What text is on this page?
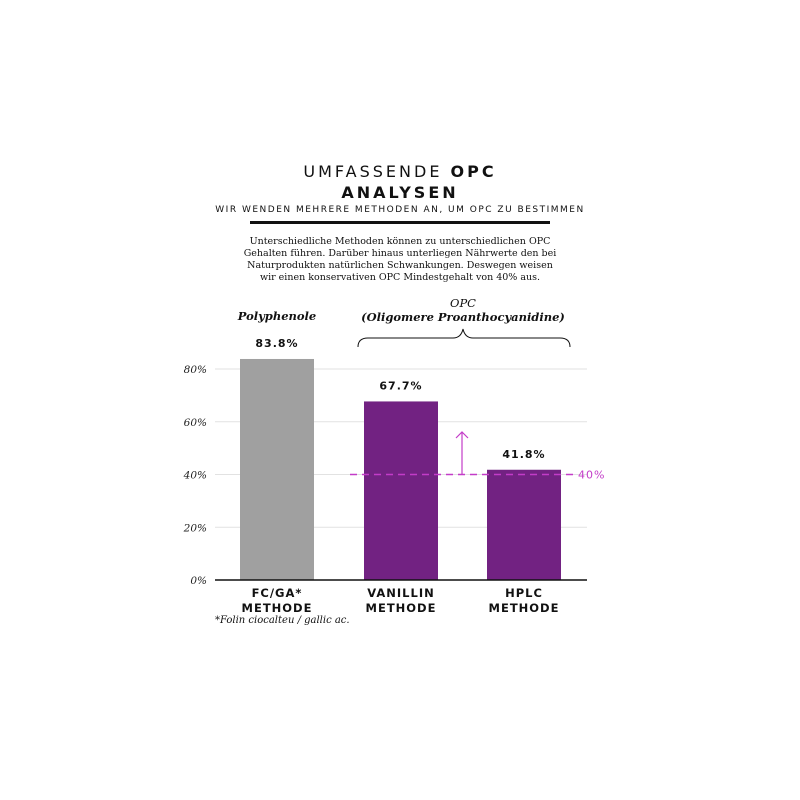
UMFASSENDE OPC
ANALYSEN
WIR WENDEN MEHRERE METHODEN AN, UM OPC ZU BESTIMMEN
Unterschiedliche Methoden können zu unterschiedlichen OPC Gehalten führen. Darüber hinaus unterliegen Nährwerte den bei Naturprodukten natürlichen Schwankungen. Deswegen weisen wir einen konservativen OPC Mindestgehalt von 40% aus.
0%
20%
40%
60%
80%
FC/GA*
METHODE
VANILLIN
METHODE
HPLC
METHODE
Polyphenole
OPC
(Oligomere Proanthocyanidine)
83.8%
67.7%
41.8%
40%
*Folin ciocalteu / gallic ac.
